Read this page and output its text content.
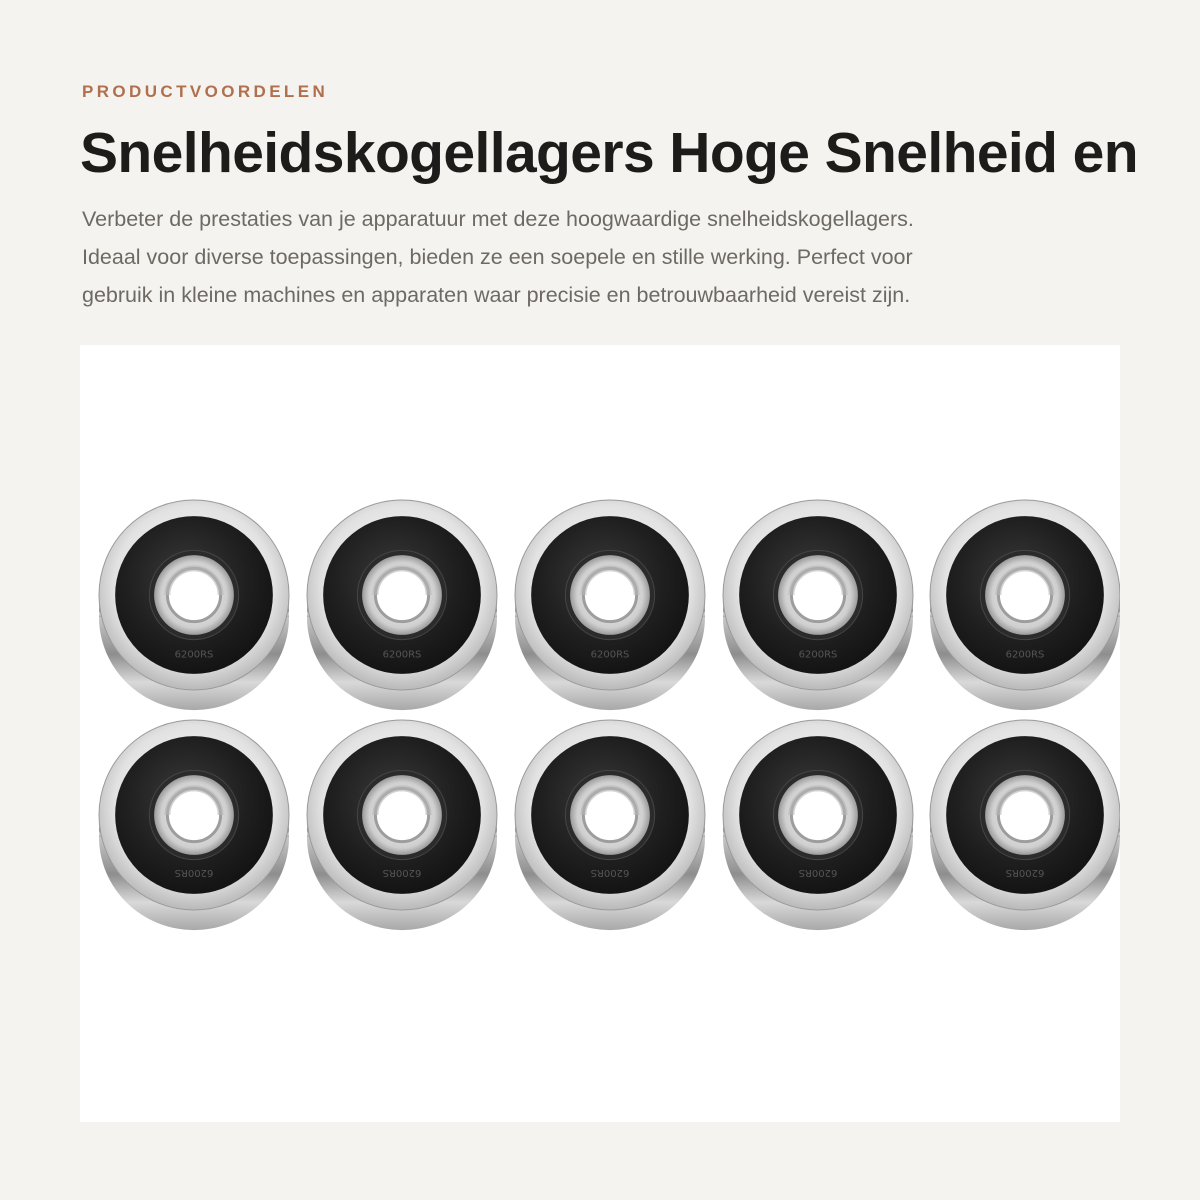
PRODUCTVOORDELEN
Snelheidskogellagers Hoge Snelheid en

Verbeter de prestaties van je apparatuur met deze hoogwaardige snelheidskogellagers.
Ideaal voor diverse toepassingen, bieden ze een soepele en stille werking. Perfect voor
gebruik in kleine machines en apparaten waar precisie en betrouwbaarheid vereist zijn.

6200RS	6200RS	6200RS	6200RS	6200RS
6200RS	6200RS	6200RS	6200RS	6200RS
